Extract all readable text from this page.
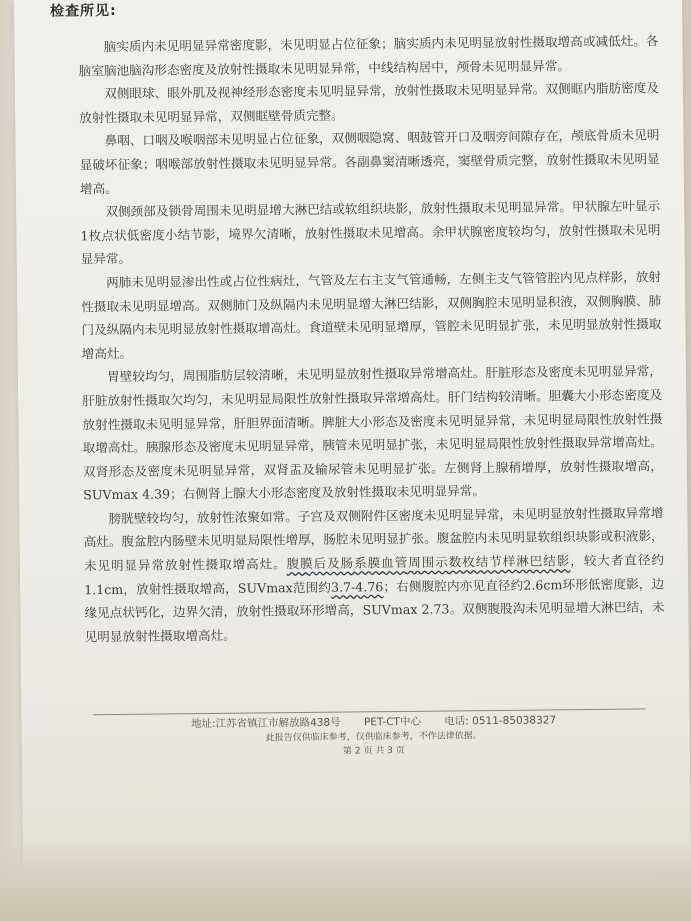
检查所见:

脑实质内未见明显异常密度影，未见明显占位征象；脑实质内未见明显放射性摄取增高或减低灶。各脑室脑池脑沟形态密度及放射性摄取未见明显异常，中线结构居中，颅骨未见明显异常。

双侧眼球、眼外肌及视神经形态密度未见明显异常，放射性摄取未见明显异常。双侧眶内脂肪密度及放射性摄取未见明显异常，双侧眶壁骨质完整。

鼻咽、口咽及喉咽部未见明显占位征象，双侧咽隐窝、咽鼓管开口及咽旁间隙存在，颅底骨质未见明显破坏征象；咽喉部放射性摄取未见明显异常。各副鼻窦清晰透亮，窦壁骨质完整，放射性摄取未见明显增高。

双侧颈部及锁骨周围未见明显增大淋巴结或软组织块影，放射性摄取未见明显异常。甲状腺左叶显示1枚点状低密度小结节影，境界欠清晰，放射性摄取未见增高。余甲状腺密度较均匀，放射性摄取未见明显异常。

两肺未见明显渗出性或占位性病灶，气管及左右主支气管通畅，左侧主支气管管腔内见点样影，放射性摄取未见明显增高。双侧肺门及纵隔内未见明显增大淋巴结影，双侧胸腔未见明显积液，双侧胸膜、肺门及纵隔内未见明显放射性摄取增高灶。食道壁未见明显增厚，管腔未见明显扩张，未见明显放射性摄取增高灶。

胃壁较均匀，周围脂肪层较清晰，未见明显放射性摄取异常增高灶。肝脏形态及密度未见明显异常，肝脏放射性摄取欠均匀，未见明显局限性放射性摄取异常增高灶。肝门结构较清晰。胆囊大小形态密度及放射性摄取未见明显异常，肝胆界面清晰。脾脏大小形态及密度未见明显异常，未见明显局限性放射性摄取增高灶。胰腺形态及密度未见明显异常，胰管未见明显扩张，未见明显局限性放射性摄取异常增高灶。双肾形态及密度未见明显异常，双肾盂及输尿管未见明显扩张。左侧肾上腺稍增厚，放射性摄取增高，SUVmax 4.39；右侧肾上腺大小形态密度及放射性摄取未见明显异常。

膀胱壁较均匀，放射性浓聚如常。子宫及双侧附件区密度未见明显异常，未见明显放射性摄取异常增高灶。腹盆腔内肠壁未见明显局限性增厚，肠腔未见明显扩张。腹盆腔内未见明显软组织块影或积液影，未见明显异常放射性摄取增高灶。腹膜后及肠系膜血管周围示数枚结节样淋巴结影，较大者直径约1.1cm，放射性摄取增高，SUVmax范围约3.7-4.76；右侧腹腔内亦见直径约2.6cm环形低密度影，边缘见点状钙化，边界欠清，放射性摄取环形增高，SUVmax 2.73。双侧腹股沟未见明显增大淋巴结，未见明显放射性摄取增高灶。

地址:江苏省镇江市解放路438号 PET-CT中心 电话: 0511-85038327
此报告仅供临床参考，仅供临床参考，不作法律依据。
第 2 页 共 3 页
